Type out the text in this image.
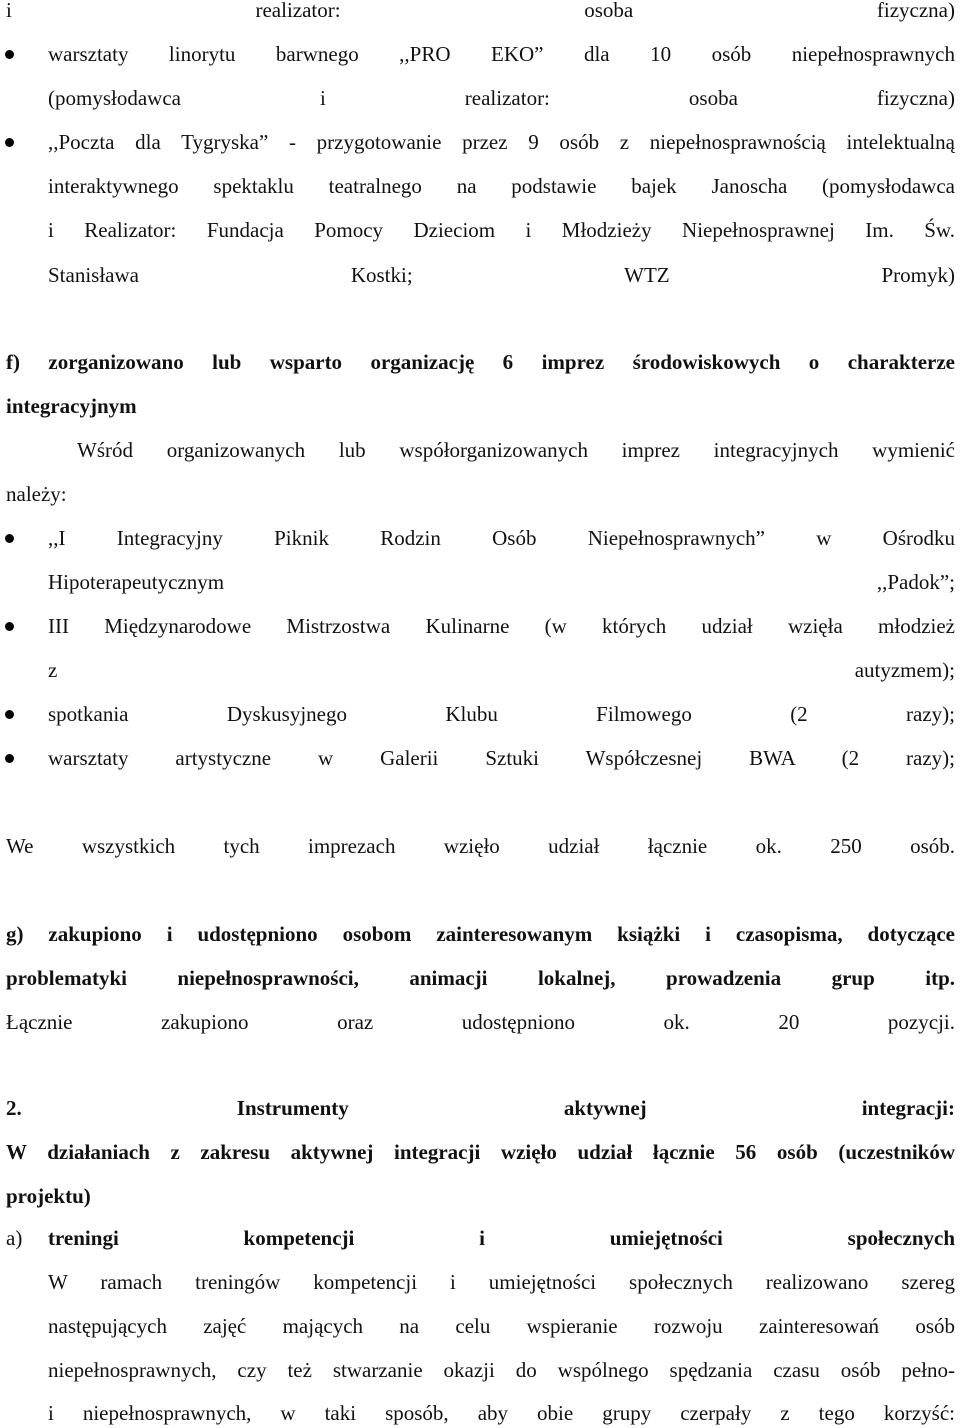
i realizator: osoba fizyczna)
warsztaty linorytu barwnego ,,PRO EKO” dla 10 osób niepełnosprawnych
(pomysłodawca i realizator: osoba fizyczna)
,,Poczta dla Tygryska” - przygotowanie przez 9 osób z niepełnosprawnością intelektualną
interaktywnego spektaklu teatralnego na podstawie bajek Janoscha (pomysłodawca
i Realizator: Fundacja Pomocy Dzieciom i Młodzieży Niepełnosprawnej Im. Św.
Stanisława Kostki; WTZ Promyk)
f) zorganizowano lub wsparto organizację 6 imprez środowiskowych o charakterze
integracyjnym
Wśród organizowanych lub współorganizowanych imprez integracyjnych wymienić
należy:
,,I Integracyjny Piknik Rodzin Osób Niepełnosprawnych” w Ośrodku
Hipoterapeutycznym ,,Padok”;
III Międzynarodowe Mistrzostwa Kulinarne (w których udział wzięła młodzież
z autyzmem);
spotkania Dyskusyjnego Klubu Filmowego (2 razy);
warsztaty artystyczne w Galerii Sztuki Współczesnej BWA (2 razy);
We wszystkich tych imprezach wzięło udział łącznie ok. 250 osób.
g) zakupiono i udostępniono osobom zainteresowanym książki i czasopisma, dotyczące
problematyki niepełnosprawności, animacji lokalnej, prowadzenia grup itp.
Łącznie zakupiono oraz udostępniono ok. 20 pozycji.
2. Instrumenty aktywnej integracji:
W działaniach z zakresu aktywnej integracji wzięło udział łącznie 56 osób (uczestników
projektu)
a) treningi kompetencji i umiejętności społecznych
W ramach treningów kompetencji i umiejętności społecznych realizowano szereg
następujących zajęć mających na celu wspieranie rozwoju zainteresowań osób
niepełnosprawnych, czy też stwarzanie okazji do wspólnego spędzania czasu osób pełno-
i niepełnosprawnych, w taki sposób, aby obie grupy czerpały z tego korzyść:
